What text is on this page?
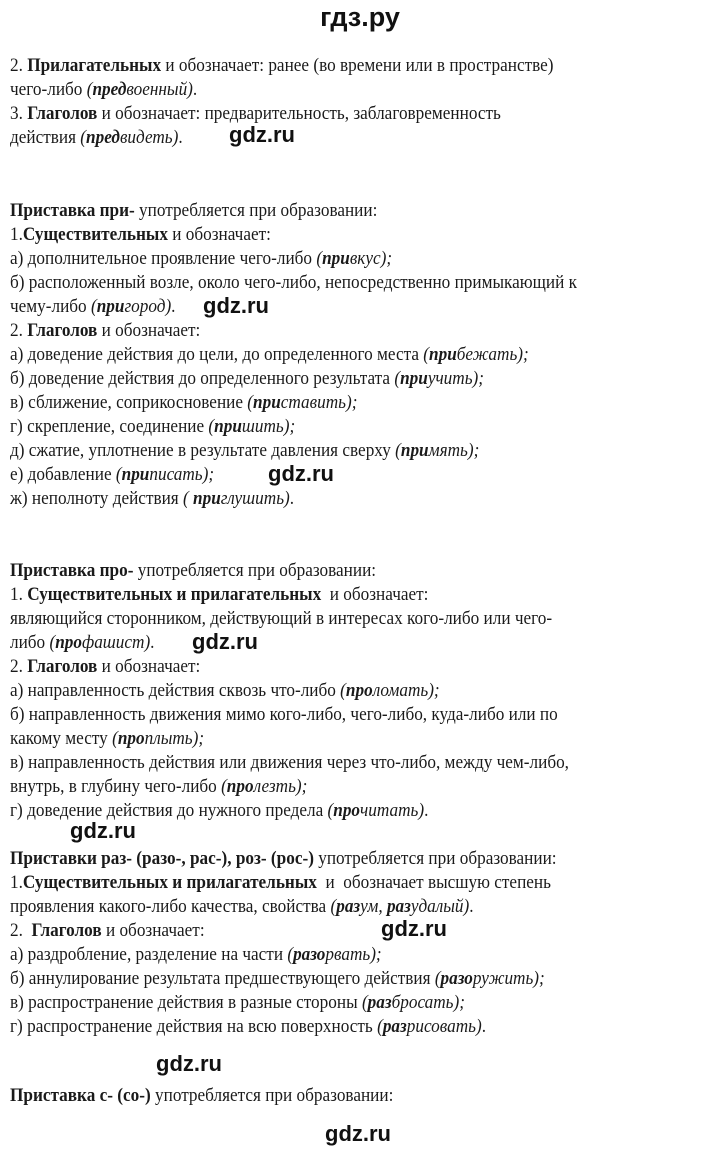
гдз.ру
2. Прилагательных и обозначает: ранее (во времени или в пространстве)
чего-либо (предвоенный).
3. Глаголов и обозначает: предварительность, заблаговременность
действия (предвидеть).
Приставка при- употребляется при образовании:
1.Существительных и обозначает:
а) дополнительное проявление чего-либо (привкус);
б) расположенный возле, около чего-либо, непосредственно примыкающий к
чему-либо (пригород).
2. Глаголов и обозначает:
а) доведение действия до цели, до определенного места (прибежать);
б) доведение действия до определенного результата (приучить);
в) сближение, соприкосновение (приставить);
г) скрепление, соединение (пришить);
д) сжатие, уплотнение в результате давления сверху (примять);
е) добавление (приписать);
ж) неполноту действия ( приглушить).
Приставка про- употребляется при образовании:
1. Существительных и прилагательных  и обозначает:
являющийся сторонником, действующий в интересах кого-либо или чего-
либо (профашист).
2. Глаголов и обозначает:
а) направленность действия сквозь что-либо (проломать);
б) направленность движения мимо кого-либо, чего-либо, куда-либо или по
какому месту (проплыть);
в) направленность действия или движения через что-либо, между чем-либо,
внутрь, в глубину чего-либо (пролезть);
г) доведение действия до нужного предела (прочитать).
Приставки раз- (разо-, рас-), роз- (рос-) употребляется при образовании:
1.Существительных и прилагательных  и  обозначает высшую степень
проявления какого-либо качества, свойства (разум, разудалый).
2.  Глаголов и обозначает:
а) раздробление, разделение на части (разорвать);
б) аннулирование результата предшествующего действия (разоружить);
в) распространение действия в разные стороны (разбросать);
г) распространение действия на всю поверхность (разрисовать).
Приставка с- (со-) употребляется при образовании:
gdz.ru
gdz.ru
gdz.ru
gdz.ru
gdz.ru
gdz.ru
gdz.ru
gdz.ru
